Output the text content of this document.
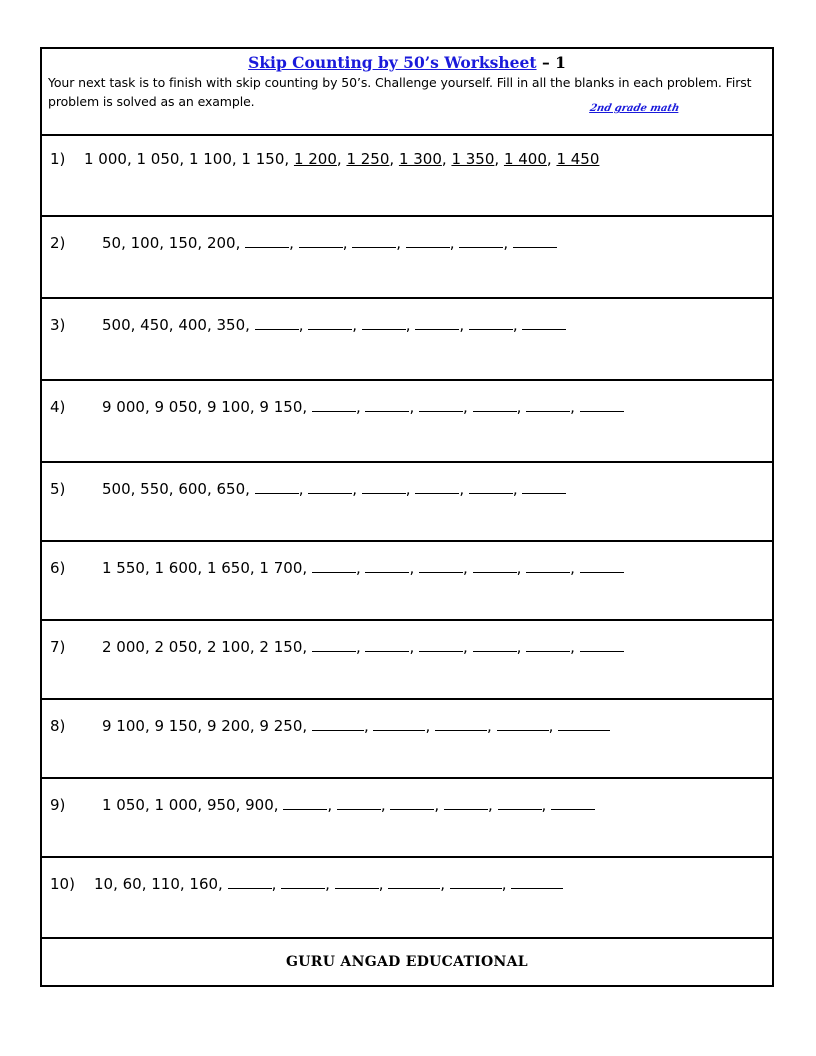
Skip Counting by 50’s Worksheet – 1
Your next task is to finish with skip counting by 50’s. Challenge yourself. Fill in all the blanks in each problem. First problem is solved as an example.	2nd grade math
1) 1 000, 1 050, 1 100, 1 150, 1 200, 1 250, 1 300, 1 350, 1 400, 1 450
2) 50, 100, 150, 200,	,	,	,	,	,
3) 500, 450, 400, 350,	,	,	,	,	,
4) 9 000, 9 050, 9 100, 9 150,	,	,	,	,	,
5) 500, 550, 600, 650,	,	,	,	,	,
6) 1 550, 1 600, 1 650, 1 700,	,	,	,	,	,
7) 2 000, 2 050, 2 100, 2 150,	,	,	,	,	,
8) 9 100, 9 150, 9 200, 9 250,	,	,	,	,
9) 1 050, 1 000, 950, 900,	,	,	,	,	,
10) 10, 60, 110, 160,	,	,	,	,	,
GURU ANGAD EDUCATIONAL
